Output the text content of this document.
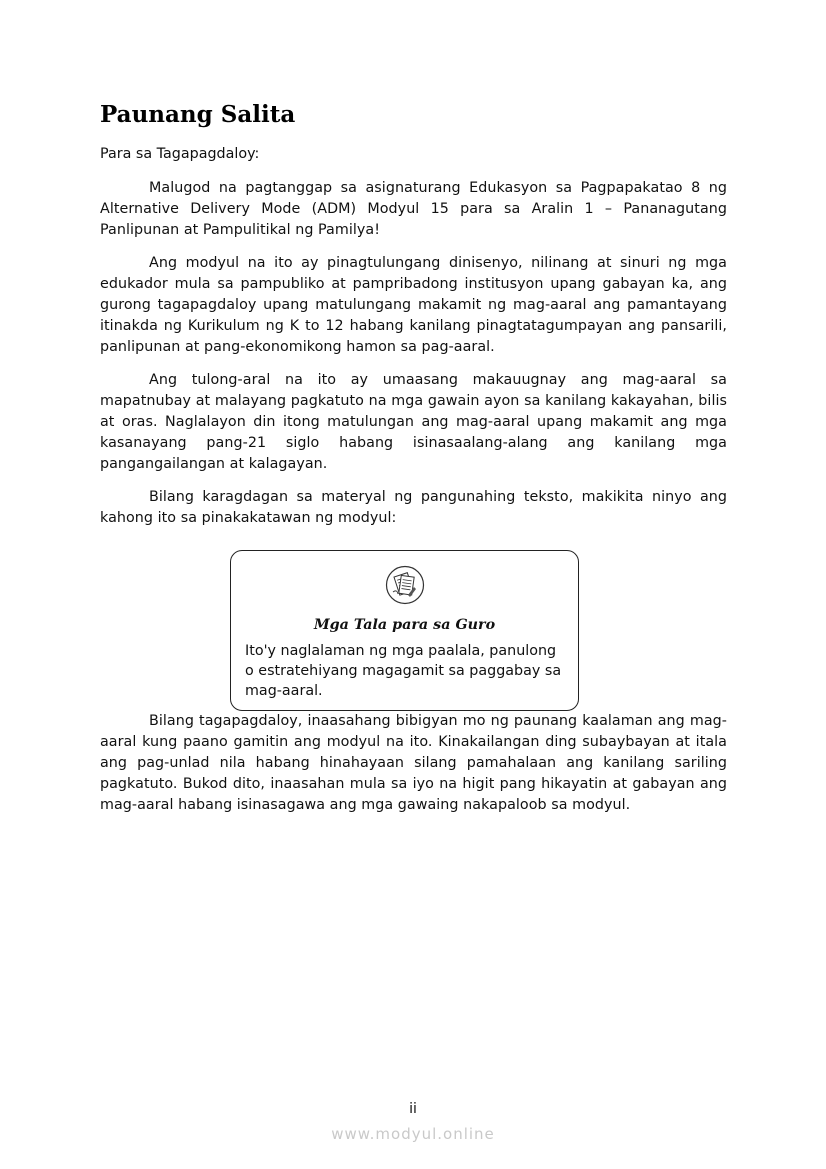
Paunang Salita
Para sa Tagapagdaloy:

Malugod na pagtanggap sa asignaturang Edukasyon sa Pagpapakatao 8 ng Alternative Delivery Mode (ADM) Modyul 15 para sa Aralin 1 – Pananagutang Panlipunan at Pampulitikal ng Pamilya!

Ang modyul na ito ay pinagtulungang dinisenyo, nilinang at sinuri ng mga edukador mula sa pampubliko at pampribadong institusyon upang gabayan ka, ang gurong tagapagdaloy upang matulungang makamit ng mag-aaral ang pamantayang itinakda ng Kurikulum ng K to 12 habang kanilang pinagtatagumpayan ang pansarili, panlipunan at pang-ekonomikong hamon sa pag-aaral.

Ang tulong-aral na ito ay umaasang makauugnay ang mag-aaral sa mapatnubay at malayang pagkatuto na mga gawain ayon sa kanilang kakayahan, bilis at oras. Naglalayon din itong matulungan ang mag-aaral upang makamit ang mga kasanayang pang-21 siglo habang isinasaalang-alang ang kanilang mga pangangailangan at kalagayan.

Bilang karagdagan sa materyal ng pangunahing teksto, makikita ninyo ang kahong ito sa pinakakatawan ng modyul:

Mga Tala para sa Guro
Ito'y naglalaman ng mga paalala, panulong o estratehiyang magagamit sa paggabay sa mag-aaral.

Bilang tagapagdaloy, inaasahang bibigyan mo ng paunang kaalaman ang mag-aaral kung paano gamitin ang modyul na ito. Kinakailangan ding subaybayan at itala ang pag-unlad nila habang hinahayaan silang pamahalaan ang kanilang sariling pagkatuto. Bukod dito, inaasahan mula sa iyo na higit pang hikayatin at gabayan ang mag-aaral habang isinasagawa ang mga gawaing nakapaloob sa modyul.

ii
www.modyul.online
